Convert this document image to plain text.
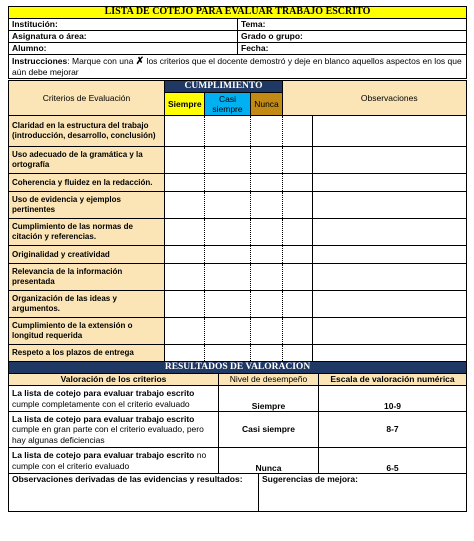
LISTA DE COTEJO PARA EVALUAR TRABAJO ESCRITO	
Institución:	Tema:
Asignatura o área:	Grado o grupo:
Alumno:	Fecha:
Instrucciones: Marque con una ✗ los criterios que el docente demostró y deje en blanco aquellos aspectos en los que aún debe mejorar	
Criterios de Evaluación	CUMPLIMIENTO				Observaciones
	Siempre	Casi siempre	Nunca		
Claridad en la estructura del trabajo (introducción, desarrollo, conclusión)					
Uso adecuado de la gramática y la ortografía					
Coherencia y fluidez en la redacción.					
Uso de evidencia y ejemplos pertinentes					
Cumplimiento de las normas de citación y referencias.					
Originalidad y creatividad					
Relevancia de la información presentada					
Organización de las ideas y argumentos.					
Cumplimiento de la extensión o longitud requerida					
Respeto a los plazos de entrega					
RESULTADOS DE VALORACIÓN		
Valoración de los criterios	Nivel de desempeño	Escala de valoración numérica
La lista de cotejo para evaluar trabajo escrito cumple completamente con el criterio evaluado	Siempre	10-9
La lista de cotejo para evaluar trabajo escrito cumple en gran parte con el criterio evaluado, pero hay algunas deficiencias	Casi siempre	8-7
La lista de cotejo para evaluar trabajo escrito no cumple con el criterio evaluado	Nunca	6-5
Observaciones derivadas de las evidencias y resultados:	Sugerencias de mejora:
